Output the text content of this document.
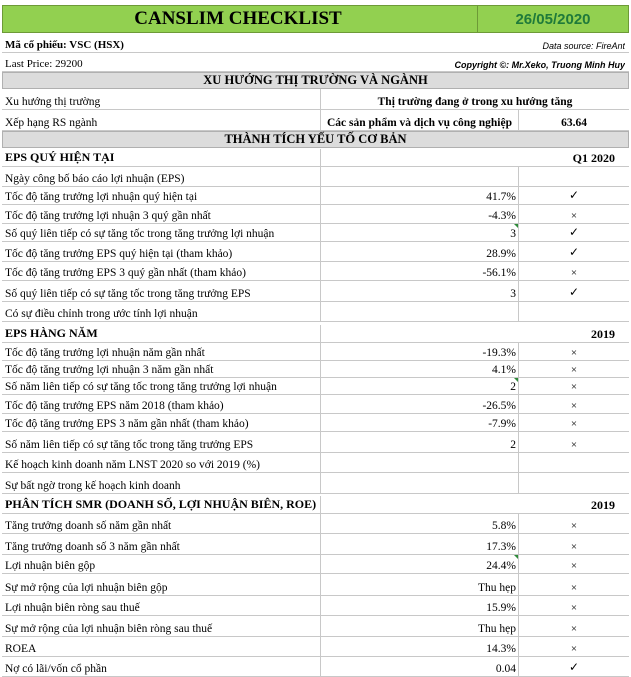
CANSLIM CHECKLIST	26/05/2020
Mã cổ phiếu: VSC (HSX)	Data source: FireAnt
Last Price: 29200	Copyright ©: Mr.Xeko, Truong Minh Huy
XU HƯỚNG THỊ TRƯỜNG VÀ NGÀNH
Xu hướng thị trường	Thị trường đang ở trong xu hướng tăng
Xếp hạng RS ngành	Các sản phẩm và dịch vụ công nghiệp	63.64
THÀNH TÍCH YẾU TỐ CƠ BẢN
EPS QUÝ HIỆN TẠI	Q1 2020
Ngày công bố báo cáo lợi nhuận (EPS)
Tốc độ tăng trưởng lợi nhuận quý hiện tại	41.7%	✓
Tốc độ tăng trưởng lợi nhuận 3 quý gần nhất	-4.3%	×
Số quý liên tiếp có sự tăng tốc trong tăng trưởng lợi nhuận	3	✓
Tốc độ tăng trưởng EPS quý hiện tại (tham khảo)	28.9%	✓
Tốc độ tăng trưởng EPS 3 quý gần nhất (tham khảo)	-56.1%	×
Số quý liên tiếp có sự tăng tốc trong tăng trưởng EPS	3	✓
Có sự điều chỉnh trong ước tính lợi nhuận
EPS HÀNG NĂM	2019
Tốc độ tăng trưởng lợi nhuận năm gần nhất	-19.3%	×
Tốc độ tăng trưởng lợi nhuận 3 năm gần nhất	4.1%	×
Số năm liên tiếp có sự tăng tốc trong tăng trưởng lợi nhuận	2	×
Tốc độ tăng trưởng EPS năm 2018 (tham khảo)	-26.5%	×
Tốc độ tăng trưởng EPS 3 năm gần nhất (tham khảo)	-7.9%	×
Số năm liên tiếp có sự tăng tốc trong tăng trưởng EPS	2	×
Kế hoạch kinh doanh năm LNST 2020 so với 2019 (%)
Sự bất ngờ trong kế hoạch kinh doanh
PHÂN TÍCH SMR (DOANH SỐ, LỢI NHUẬN BIÊN, ROE)	2019
Tăng trưởng doanh số năm gần nhất	5.8%	×
Tăng trưởng doanh số 3 năm gần nhất	17.3%	×
Lợi nhuận biên gộp	24.4%	×
Sự mở rộng của lợi nhuận biên gộp	Thu hẹp	×
Lợi nhuận biên ròng sau thuế	15.9%	×
Sự mở rộng của lợi nhuận biên ròng sau thuế	Thu hẹp	×
ROEA	14.3%	×
Nợ có lãi/vốn cổ phần	0.04	✓
